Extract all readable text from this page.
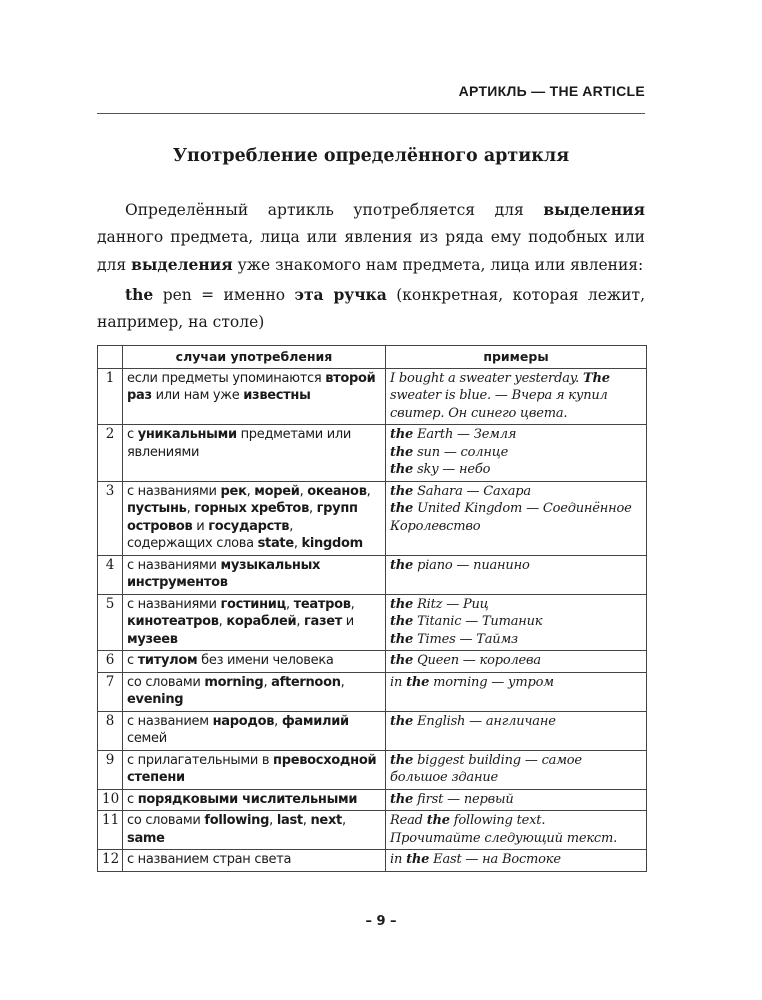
АРТИКЛЬ — THE ARTICLE
Употребление определённого артикля

Определённый артикль употребляется для выделения данного предмета, лица или явления из ряда ему подобных или для выделения уже знакомого нам предмета, лица или явления:

the pen = именно эта ручка (конкретная, которая лежит, например, на столе)

	случаи употребления	примеры
1	если предметы упоминаются второй раз или нам уже известны	I bought a sweater yesterday. The sweater is blue. — Вчера я купил свитер. Он синего цвета.

2	с уникальными предметами или явлениями	the Earth — Земля
the sun — солнце
the sky — небо

3	с названиями рек, морей, океанов, пустынь, горных хребтов, групп островов и государств, содержащих слова state, kingdom	the Sahara — Сахара
the United Kingdom — Соединённое Королевство

4	с названиями музыкальных инструментов	the piano — пианино

5	с названиями гостиниц, театров, кинотеатров, кораблей, газет и музеев	the Ritz — Риц
the Titanic — Титаник
the Times — Таймз

6	с титулом без имени человека	the Queen — королева

7	со словами morning, afternoon, evening	in the morning — утром

8	с названием народов, фамилий семей	the English — англичане

9	с прилагательными в превосходной степени	the biggest building — самое большое здание

10	с порядковыми числительными	the first — первый

11	со словами following, last, next, same	Read the following text.
Прочитайте следующий текст.

12	с названием стран света	in the East — на Востоке
– 9 –
